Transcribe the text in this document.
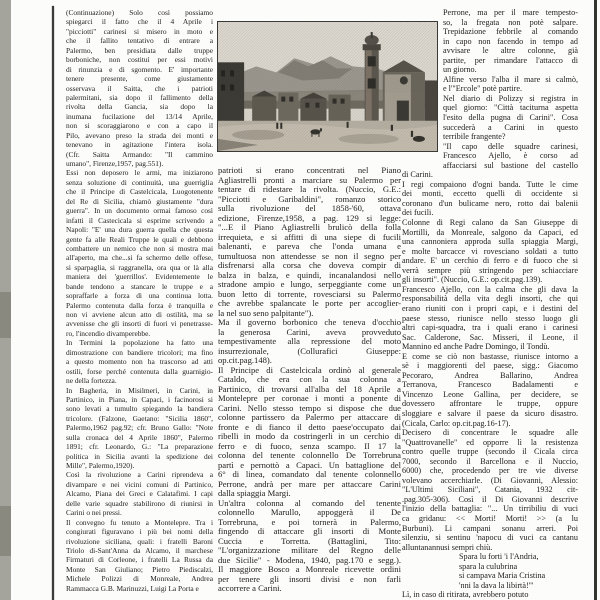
(Continuazione) Solo così possiamo
spiegarci il fatto che il 4 Aprile i
"picciotti" carinesi si misero in moto e
che il fallito tentativo di entrare a
Palermo, ben presidiata dalle truppe
borboniche, non costituì per essi motivi
di rinunzia e di sgomento. E' importante
tenere presente, come giustamente
osservava il Saitta, che i patrioti
palermitani, sia dopo il fallimento della
rivolta della Gancia, sia dopo la
inumana fucilazione del 13/14 Aprile,
non si scoraggiarono e con a capo il
Pilo, avevano preso la strada dei monti e
tenevano in agitazione l'intera isola.
(Cfr. Saitta Armando: "Il cammino
umano", Firenze,1957, pag.551).
Essi non deposero le armi, ma iniziarono
senza soluzione di continuità, una guerriglia
che il Principe di Castelcicala, Luogotenente
del Re di Sicilia, chiamò giustamente "dura
guerra". In un documento ormai famoso così
infatti il Castecicala si esprime scrivendo a
Napoli: "E' una dura guerra quella che questa
gente fa alle Reali Truppe le quali e debbono
combattere un nemico che non si mostra mai
all'aperto, ma che...si fa schermo delle offese,
si sparpaglia, si raggranella, ora qua or là alla
maniera dei 'guerrillos'. Evidentemente le
bande tendono a stancare le truppe e a
sopraffarle a forza di una continua lotta.
Palermo contenuta dalla forza è tranquilla e
non vi avviene alcun atto di ostilità, ma se
avvenisse che gli insorti di fuori vi penetrasse-
ro, l'incendio divamperebbe.
In Termini la popolazione ha fatto una
dimostrazione con bandiere tricolori; ma fino
a questo momento non ha trascorso ad atti
ostili, forse perché contenuta dalla guarnigio-
ne della fortezza.
In Bagheria, in Misilmeri, in Carini, in
Partinico, in Piana, in Capaci, i facinorosi si
sono levati a tumulto spiegando la bandiera
tricolore. (Falzone, Gaetano: "Sicilia 1860",
Palermo,1962 pag.92; cfr. Bruno Gallo: "Note
sulla cronaca del 4 Aprile 1860", Palermo
1891; cfr. Leonardo, G.: "La preparazione
politica in Sicilia avanti la spedizione dei
Mille", Palermo,1920).
Così la rivoluzione a Carini riprendeva a
divampare e nei vicini comuni di Partinico,
Alcamo, Piana dei Greci e Calatafimi. I capi
delle varie squadre stabilirono di riunirsi in
Carini o nei pressi.
Il convegno fu tenuto a Montelepre. Tra i
congiurati figuravano i più bei nomi della
rivoluzione siciliana, quali: i fratelli Baroni
Triolo di-Sant'Anna da Alcamo, il marchese
Firmaturi di Corleone, i fratelli La Russa da
Monte San Giuliano; Pietro Piediscalzi,
Michele Polizzi di Monreale, Andrea
Rammacca G.B. Marinuzzi, Luigi La Porta e
patrioti si erano concentrati nel Piano
Agliastrelli pronti a marciare su Palermo per
tentare di ridestare la rivolta. (Nuccio, G.E.:
"Picciotti e Garibaldini", romanzo storico
sulla rivoluzione del 1858-'60, ottava
edizione, Firenze,1958, a pag. 129 si legge:
"...E il Piano Agliastrelli brulicò della folla
irrequieta, e si affitti di una siepe di fucili
balenanti, e pareva che l'onda umana e
tumultuosa non attendesse se non il segno per
disfrenarsi alla corsa che doveva compir di
balza in balza, e quindi, incanalandosi nello
stradone ampio e lungo, serpeggiante come un
buon letto di torrente, rovesciarsi su Palermo
che avrebbe spalancate le porte per accoglier-
la nel suo seno palpitante").
Ma il governo borbonico che teneva d'occhio
la generosa Carini, aveva provveduto
tempestivamente alla repressione del moto
insurrezionale, (Collurafici Giuseppe:
op.cit.pag.148).
Il Principe di Castelcicala ordinò al generale
Cataldo, che era con la sua colonna a
Partinico, di trovarsi all'alba del 18 Aprile a
Montelepre per coronae i monti a ponente di
Carini. Nello stesso tempo si dispose che due
colonne partissero da Palermo per attaccare di
fronte e di fianco il detto paese'occupato dai
ribelli in modo da costringerli in un cerchio di
ferro e di fuoco, senza scampo. Il 17 la
colonna del tenente colonnello De Torrebruna
partì e pernottò a Capaci. Un battaglione del
6° di linea, comandato dal tenente colonnello
Perrone, andrà per mare per attaccare Carini
dalla spiaggia Margi.
Un'altra colonna al comando del tenente
colonnello Marullo, appoggerà il De
Torrebruna, e poi tornerà in Palermo,
fingendo di attaccare gli insorti di Monte
Cuccia e Torretta. (Battaglini, Tito:
"L'organizzazione militare del Regno delle
due Sicilie" - Modena, 1940, pag.170 e segg.).
Il maggiore Bosco a Monreale ricevette ordini
per tenere gli insorti divisi e non farli
accorrere a Carini.
Perrone, ma per il mare tempesto-
so, la fregata non potè salpare.
Trepidazione febbrile al comando
in capo non facendo in tempo ad
avvisare le altre colonne, già
partite, per rimandare l'attacco di
un giorno.
Alfine verso l'alba il mare si calmò,
e l'"Ercole" potè partire.
Nel diario di Polizzy si registra in
quel giorno: "Città taciturna aspetta
l'esito della pugna di Carini". Cosa
succederà a Carini in questo
terribile frangente?
"Il capo delle squadre carinesi,
Francesco Ajello, è corso ad
affacciarsi sul bastione del castello
di Carini.
I regi compaiono d'ogni banda. Tutte le cime
dei monti, eccetto quelli di occidente si
coronano d'un bulicame nero, rotto dai balenii
dei fucili.
Colonne di Regi calano da San Giuseppe di
Mortilli, da Monreale, salgono da Capaci, ed
una cannoniera approda sulla spiaggia Margi,
e molte barcacce vi rovesciano soldati a tutto
andare. E' un cerchio di ferro e di fuoco che si
verrà sempre più stringendo per schiacciare
gli insorti". (Nuccio, G.E.: op.cit.pag.139).
Francesco Ajello, con la calma che gli dava la
responsabilità della vita degli insorti, che qui
erano riuniti con i propri capi, e i destini del
paese stesso, riunisce nello stesso luogo gli
altri capi-squadra, tra i quali erano i carinesi
Sac. Calderone, Sac. Misseri, il Leone, il
Mannino ed anche Padre Domingo, il Tondù.
E come se ciò non bastasse, riunisce intorno a
sè i maggiorenti del paese, sigg.: Giacomo
Pecoraro, Andrea Ballarino, Andrea
Terranova, Francesco Badalamenti e
Vincenzo Leone Gallina, per decidere, se
dovessero affrontare le truppe, oppure
sloggiare e salvare il paese da sicuro disastro.
(Cicala, Carlo: op.cit.pag.16-17).
Decisero di concentrare le squadre alle
"Quattrovanelle" ed opporre lì la resistenza
contro quelle truppe (secondo il Cicala circa
7000, secondo il Barcellona e il Nuccio,
6000) che, procedendo per tre vie diverse
volevano accerchiarle. (Di Giovanni, Alessio:
"L'Ultimi Siciliani", Catania, 1932 cit-
.pag.305-306). Così il Di Giovanni descrive
l'inizio della battaglia: "... Un tirribiliu di vuci
ca gridanu: << Morti! Morti! >> (a lu
Burbuni). Li campani sonanu arreri. Poi
silenziu, si sentinu 'napocu di vuci ca cantanu
alluntanannusi sempri chiù.
Spara lu forti 'i l'Andria,
spara la culubrina
si campava Maria Cristina
'nni la dava la libirtà!'"
Lì, in caso di ritirata, avrebbero potuto
